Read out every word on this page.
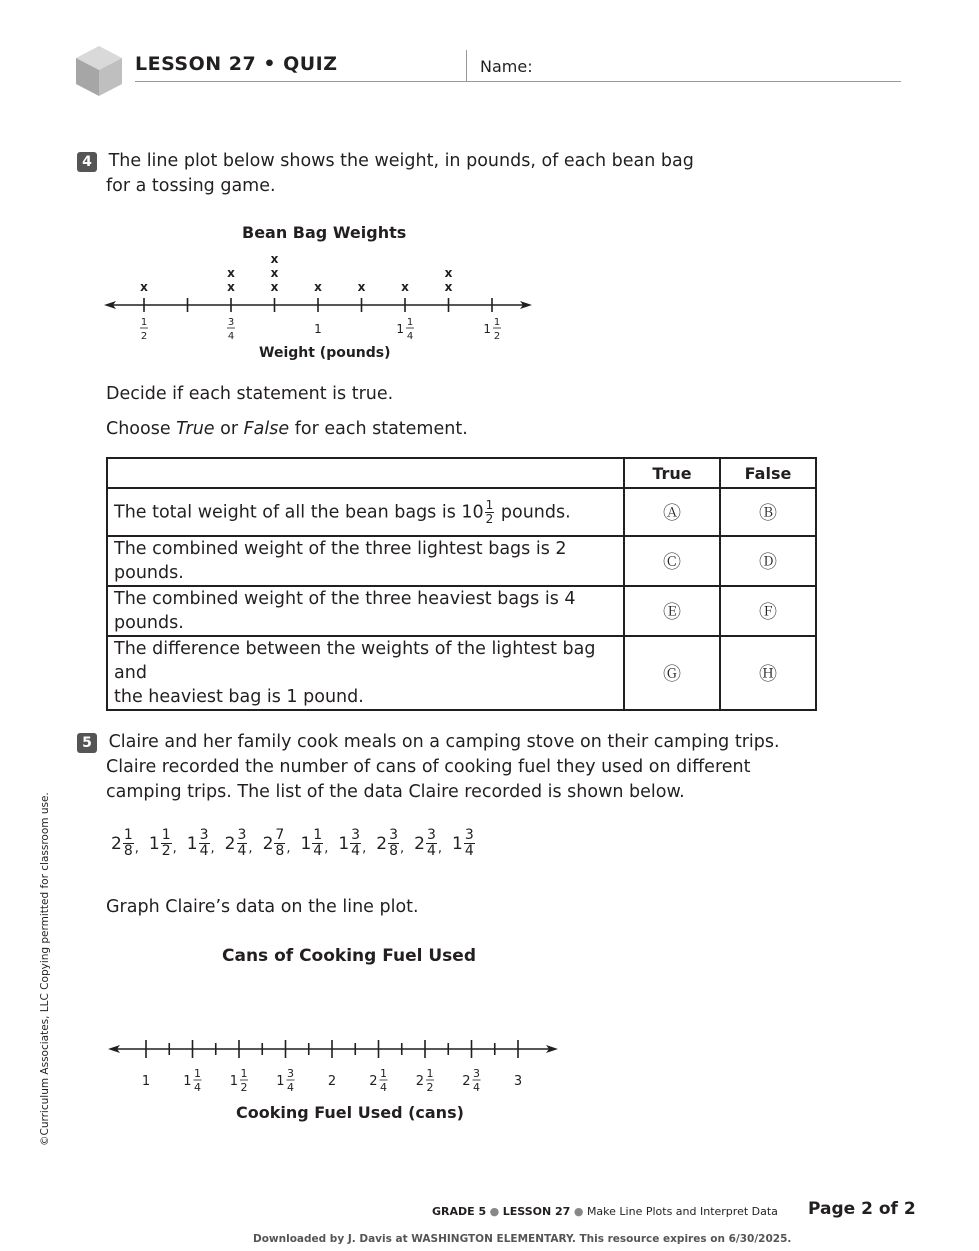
LESSON 27 • QUIZ	Name:
4 The line plot below shows the weight, in pounds, of each bean bag
for a tossing game.
Bean Bag Weights
x
1
2
x
x
3
4
x
x
x
x
1
x	x
1 1
4
x
x
1 1
2
Weight (pounds)
Decide if each statement is true.
Choose True or False for each statement.
	True	False
The total weight of all the bean bags is $10 \frac{1}{2}$ pounds.	Ⓐ	Ⓑ
The combined weight of the three lightest bags is 2 pounds.	Ⓒ	Ⓓ
The combined weight of the three heaviest bags is 4 pounds.	Ⓔ	Ⓕ
The difference between the weights of the lightest bag and
the heaviest bag is 1 pound.	Ⓖ	Ⓗ
5 Claire and her family cook meals on a camping stove on their camping trips.
Claire recorded the number of cans of cooking fuel they used on different
camping trips. The list of the data Claire recorded is shown below.
$2 \frac{1}{8}$ , $1 \frac{1}{2}$ , $1 \frac{3}{4}$ , $2 \frac{3}{4}$ , $2 \frac{7}{8}$ , $1 \frac{1}{4}$ , $1 \frac{3}{4}$ , $2 \frac{3}{8}$ , $2 \frac{3}{4}$ , $1 \frac{3}{4}$
Graph Claire’s data on the line plot.
Cans of Cooking Fuel Used
1	1
1
4 1
1
2 1
3
4	2	2
1
4 2
1
2 2
3
4	3
Cooking Fuel Used (cans)
©Curriculum Associates, LLC Copying permitted for classroom use.
GRADE 5 ● LESSON 27 ● Make Line Plots and Interpret Data Page 2 of 2
Downloaded by J. Davis at WASHINGTON ELEMENTARY. This resource expires on 6/30/2025.
